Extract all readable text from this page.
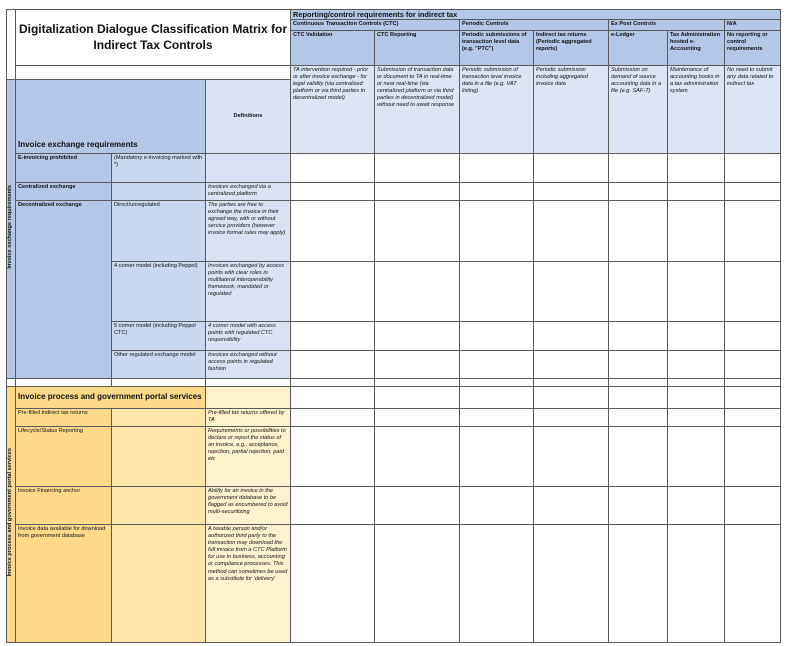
	Digitalization Dialogue Classification Matrix for Indirect Tax Controls			Reporting/control requirements for indirect tax						
				Continuous Transaction Controls (CTC)		Periodic Controls		Ex Post Controls		N/A
				CTC Validation	CTC Reporting	Periodic submissions of transaction level data (e.g. "PTC")	Indirect tax returns (Periodic aggregated reports)	e-Ledger	Tax Administration hosted e-Accounting	No reporting or control requirements
				TA intervention required - prior or after invoice exchange - for legal validity (via centralized platform or via third parties in decentralized model)	Submission of transaction data or document to TA in real-time or near real-time (via centralized platform or via third parties in decentralized model) without need to await response	Periodic submission of transaction level invoice data in a file (e.g. VAT listing)	Periodic submission including aggregated invoice data	Submission on demand of source accounting data in a file (e.g. SAF-T)	Maintenance of accounting books in a tax administration system	No need to submit any data related to indirect tax
Invoice exchange requirements	Invoice exchange requirements		Definitions							
	E-invoicing prohibited	(Mandatory e-invoicing marked with *)								
	Centralized exchange		Invoices exchanged via a centralized platform							
	Decentralized exchange	Direct/unregulated	The parties are free to exchange the invoice in their agreed way, with or without service providers (however invoice format rules may apply)							
		4 corner model (including Peppol)	Invoices exchanged by access points with clear roles in multilateral interoperability framework; mandated or regulated							
		5 corner model (including Peppol CTC)	4 corner model with access points with regulated CTC responsibility							
		Other regulated exchange model	Invoices exchanged without access points in regulated fashion							

Invoice process and government portal services	Invoice process and government portal services									
	Pre-filled indirect tax returns		Pre-filled tax returns offered by TA							
	Lifecycle/Status Reporting		Requirements or possibilities to declare or report the status of an invoice, e.g., acceptance, rejection, partial rejection, paid etc							
	Invoice Financing anchor		Ability for an invoice in the government database to be flagged as encumbered to avoid multi-securitizing							
	Invoice data available for download from government database		A taxable person and/or authorized third party to the transaction may download the full invoice from a CTC Platform for use in business, accounting or compliance processes. This method can sometimes be used as a substitute for 'delivery'							
